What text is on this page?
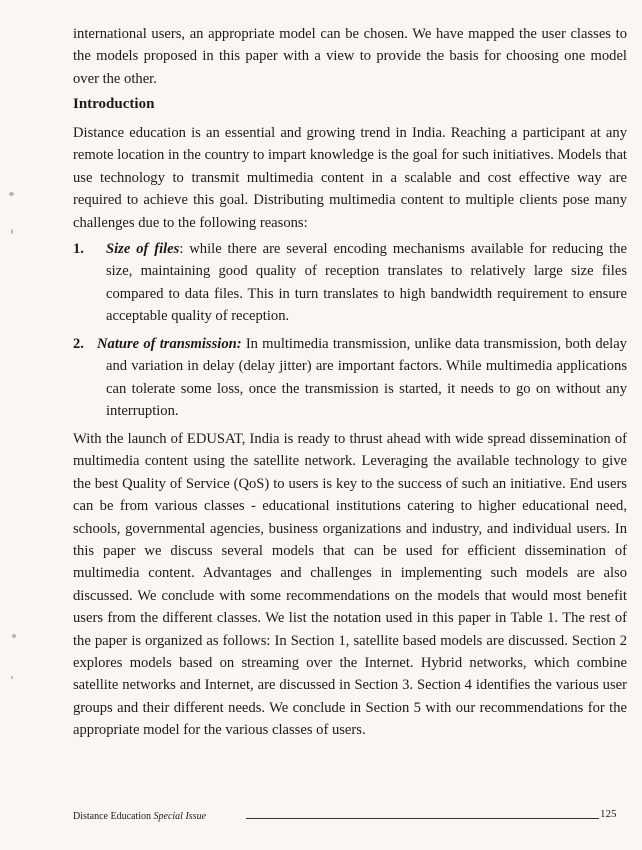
international users, an appropriate model can be chosen. We have mapped the user classes to the models proposed in this paper with a view to provide the basis for choosing one model over the other.

Introduction

Distance education is an essential and growing trend in India. Reaching a participant at any remote location in the country to impart knowledge is the goal for such initiatives. Models that use technology to transmit multimedia content in a scalable and cost effective way are required to achieve this goal. Distributing multimedia content to multiple clients pose many challenges due to the following reasons:

1. Size of files: while there are several encoding mechanisms available for reducing the size, maintaining good quality of reception translates to relatively large size files compared to data files. This in turn translates to high bandwidth requirement to ensure acceptable quality of reception.
2. Nature of transmission: In multimedia transmission, unlike data transmission, both delay and variation in delay (delay jitter) are important factors. While multimedia applications can tolerate some loss, once the transmission is started, it needs to go on without any interruption.

With the launch of EDUSAT, India is ready to thrust ahead with wide spread dissemination of multimedia content using the satellite network. Leveraging the available technology to give the best Quality of Service (QoS) to users is key to the success of such an initiative. End users can be from various classes - educational institutions catering to higher educational need, schools, governmental agencies, business organizations and industry, and individual users. In this paper we discuss several models that can be used for efficient dissemination of multimedia content. Advantages and challenges in implementing such models are also discussed. We conclude with some recommendations on the models that would most benefit users from the different classes. We list the notation used in this paper in Table 1. The rest of the paper is organized as follows: In Section 1, satellite based models are discussed. Section 2 explores models based on streaming over the Internet. Hybrid networks, which combine satellite networks and Internet, are discussed in Section 3. Section 4 identifies the various user groups and their different needs. We conclude in Section 5 with our recommendations for the appropriate model for the various classes of users.

Distance Education Special Issue	125
